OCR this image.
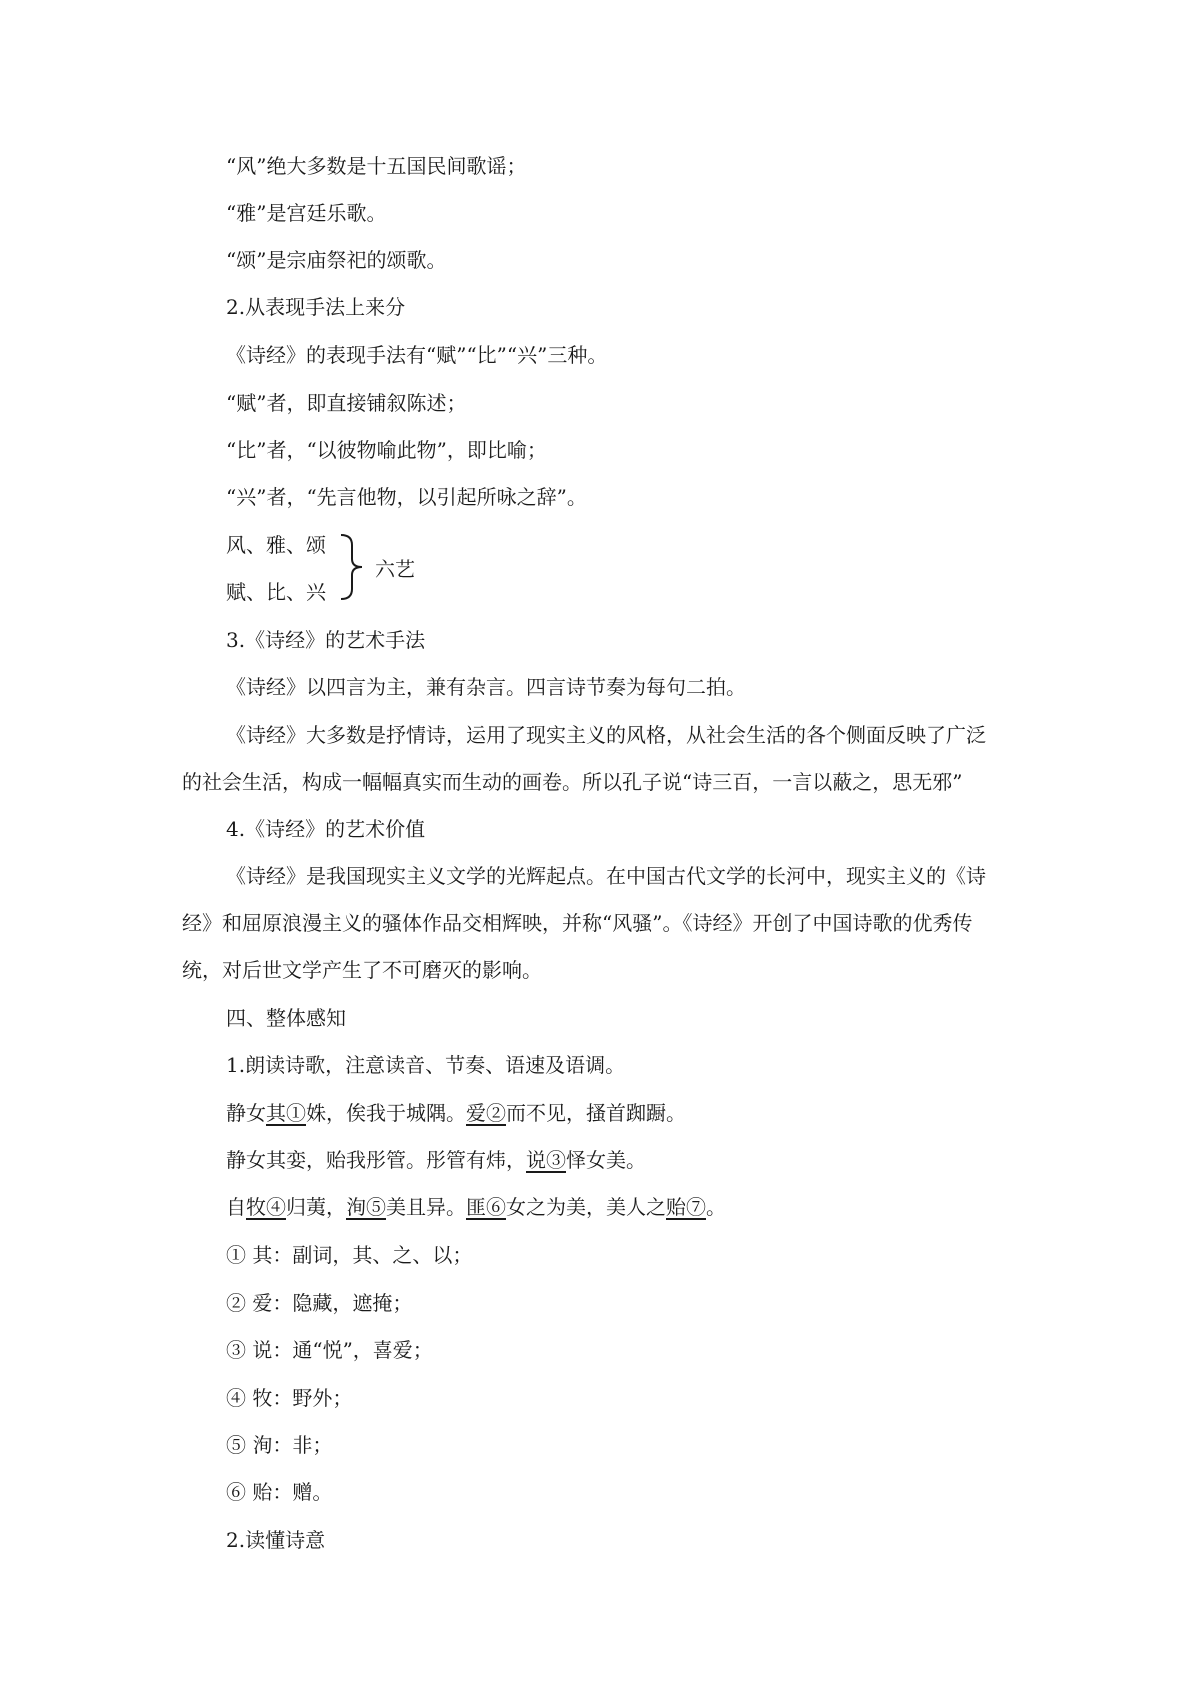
“风”绝大多数是十五国民间歌谣；
“雅”是宫廷乐歌。
“颂”是宗庙祭祀的颂歌。
2.从表现手法上来分
《诗经》的表现手法有“赋”“比”“兴”三种。
“赋”者，即直接铺叙陈述；
“比”者，“以彼物喻此物”，即比喻；
“兴”者，“先言他物，以引起所咏之辞”。
风、雅、颂
赋、比、兴
六艺
3.《诗经》的艺术手法
《诗经》以四言为主，兼有杂言。四言诗节奏为每句二拍。
《诗经》大多数是抒情诗，运用了现实主义的风格，从社会生活的各个侧面反映了广泛
的社会生活，构成一幅幅真实而生动的画卷。所以孔子说“诗三百，一言以蔽之，思无邪”
4.《诗经》的艺术价值
《诗经》是我国现实主义文学的光辉起点。在中国古代文学的长河中，现实主义的《诗
经》和屈原浪漫主义的骚体作品交相辉映，并称“风骚”。《诗经》开创了中国诗歌的优秀传
统，对后世文学产生了不可磨灭的影响。
四、整体感知
1.朗读诗歌，注意读音、节奏、语速及语调。
静女其①姝，俟我于城隅。爱②而不见，搔首踟蹰。
静女其娈，贻我彤管。彤管有炜，说③怿女美。
自牧④归荑，洵⑤美且异。匪⑥女之为美，美人之贻⑦。
① 其：副词，其、之、以；
② 爱：隐藏，遮掩；
③ 说：通“悦”，喜爱；
④ 牧：野外；
⑤ 洵：非；
⑥ 贻：赠。
2.读懂诗意
